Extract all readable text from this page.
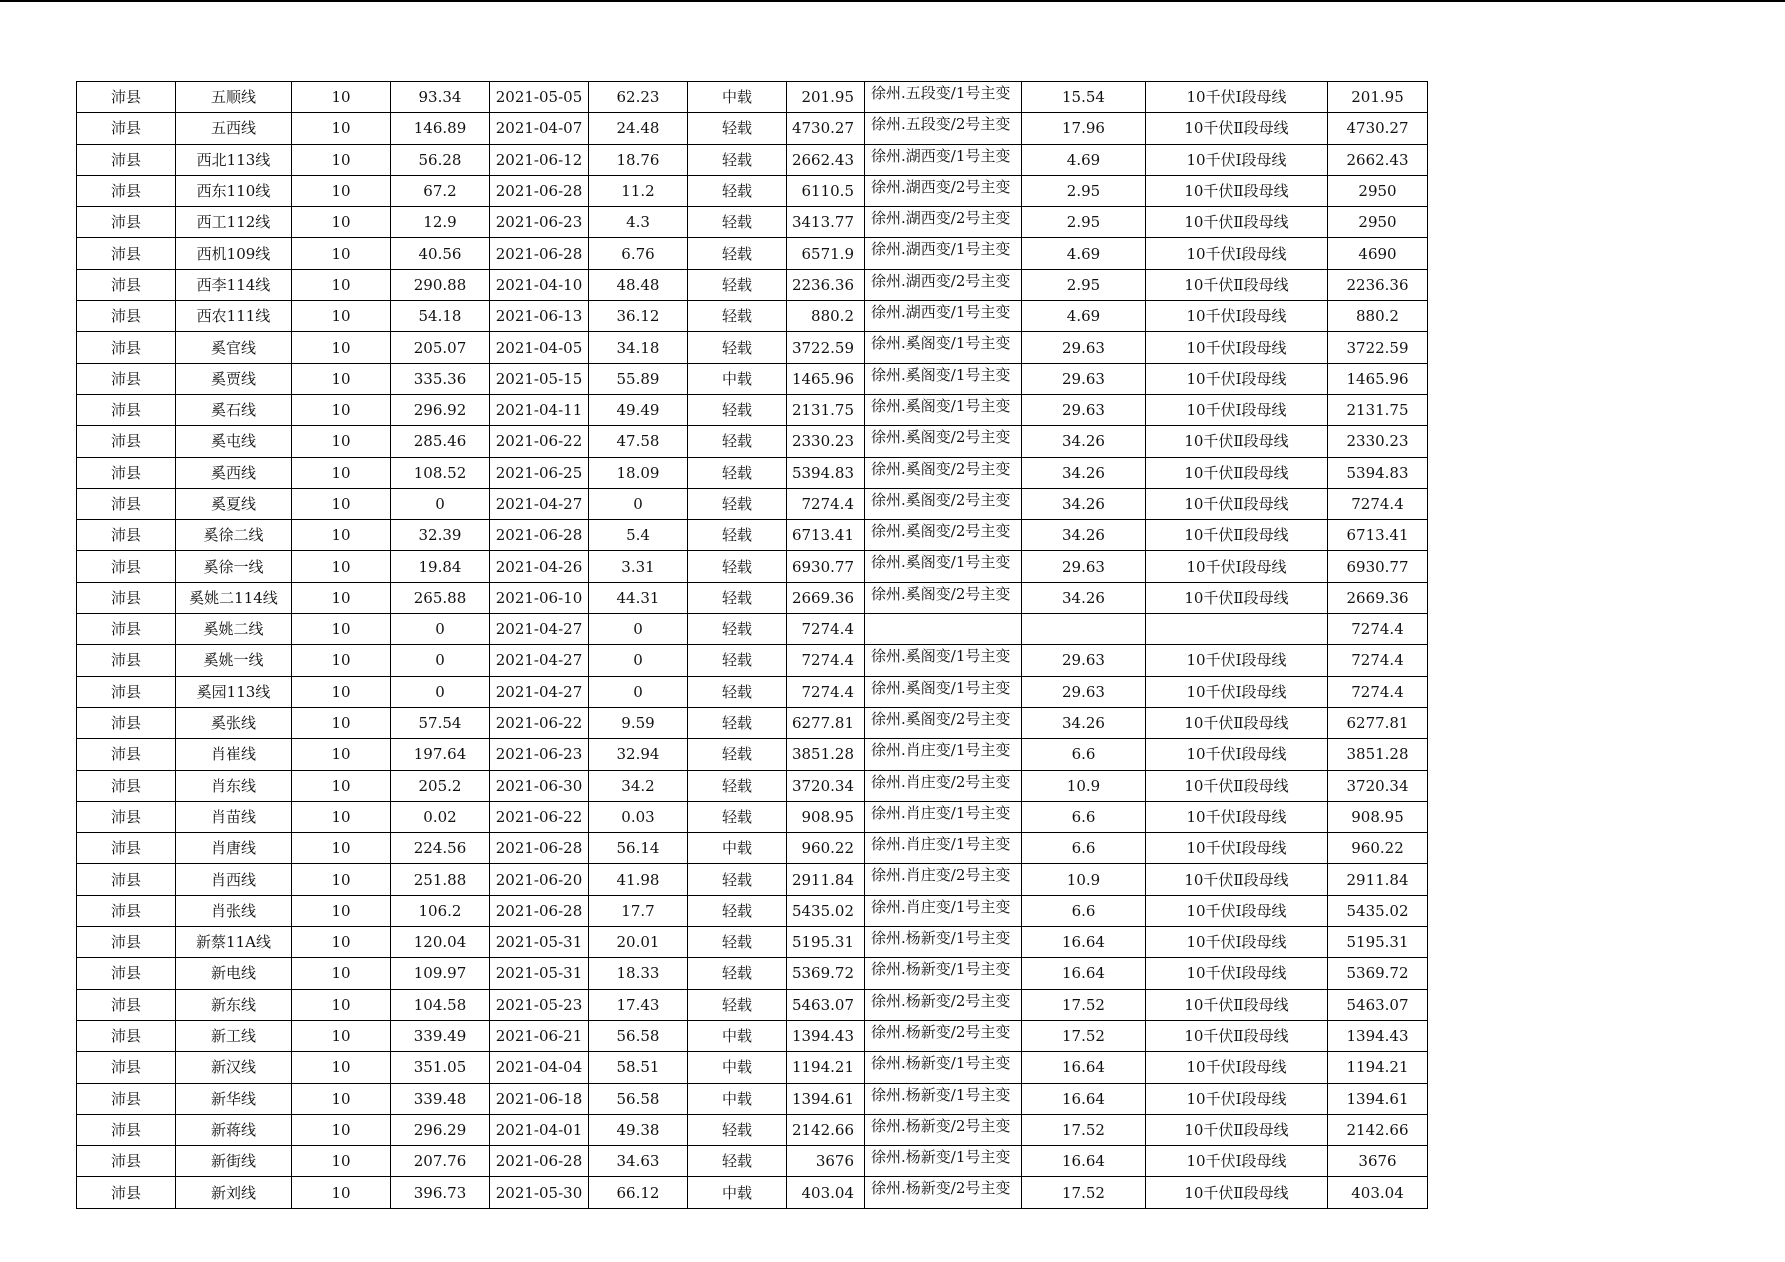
沛县	五顺线	10	93.34	2021-05-05	62.23	中载	201.95	徐州.五段变/1号主变	15.54	10千伏Ⅰ段母线	201.95
沛县	五西线	10	146.89	2021-04-07	24.48	轻载	4730.27	徐州.五段变/2号主变	17.96	10千伏Ⅱ段母线	4730.27
沛县	西北113线	10	56.28	2021-06-12	18.76	轻载	2662.43	徐州.湖西变/1号主变	4.69	10千伏Ⅰ段母线	2662.43
沛县	西东110线	10	67.2	2021-06-28	11.2	轻载	6110.5	徐州.湖西变/2号主变	2.95	10千伏Ⅱ段母线	2950
沛县	西工112线	10	12.9	2021-06-23	4.3	轻载	3413.77	徐州.湖西变/2号主变	2.95	10千伏Ⅱ段母线	2950
沛县	西机109线	10	40.56	2021-06-28	6.76	轻载	6571.9	徐州.湖西变/1号主变	4.69	10千伏Ⅰ段母线	4690
沛县	西李114线	10	290.88	2021-04-10	48.48	轻载	2236.36	徐州.湖西变/2号主变	2.95	10千伏Ⅱ段母线	2236.36
沛县	西农111线	10	54.18	2021-06-13	36.12	轻载	880.2	徐州.湖西变/1号主变	4.69	10千伏Ⅰ段母线	880.2
沛县	奚官线	10	205.07	2021-04-05	34.18	轻载	3722.59	徐州.奚阁变/1号主变	29.63	10千伏Ⅰ段母线	3722.59
沛县	奚贾线	10	335.36	2021-05-15	55.89	中载	1465.96	徐州.奚阁变/1号主变	29.63	10千伏Ⅰ段母线	1465.96
沛县	奚石线	10	296.92	2021-04-11	49.49	轻载	2131.75	徐州.奚阁变/1号主变	29.63	10千伏Ⅰ段母线	2131.75
沛县	奚屯线	10	285.46	2021-06-22	47.58	轻载	2330.23	徐州.奚阁变/2号主变	34.26	10千伏Ⅱ段母线	2330.23
沛县	奚西线	10	108.52	2021-06-25	18.09	轻载	5394.83	徐州.奚阁变/2号主变	34.26	10千伏Ⅱ段母线	5394.83
沛县	奚夏线	10	0	2021-04-27	0	轻载	7274.4	徐州.奚阁变/2号主变	34.26	10千伏Ⅱ段母线	7274.4
沛县	奚徐二线	10	32.39	2021-06-28	5.4	轻载	6713.41	徐州.奚阁变/2号主变	34.26	10千伏Ⅱ段母线	6713.41
沛县	奚徐一线	10	19.84	2021-04-26	3.31	轻载	6930.77	徐州.奚阁变/1号主变	29.63	10千伏Ⅰ段母线	6930.77
沛县	奚姚二114线	10	265.88	2021-06-10	44.31	轻载	2669.36	徐州.奚阁变/2号主变	34.26	10千伏Ⅱ段母线	2669.36
沛县	奚姚二线	10	0	2021-04-27	0	轻载	7274.4				7274.4
沛县	奚姚一线	10	0	2021-04-27	0	轻载	7274.4	徐州.奚阁变/1号主变	29.63	10千伏Ⅰ段母线	7274.4
沛县	奚园113线	10	0	2021-04-27	0	轻载	7274.4	徐州.奚阁变/1号主变	29.63	10千伏Ⅰ段母线	7274.4
沛县	奚张线	10	57.54	2021-06-22	9.59	轻载	6277.81	徐州.奚阁变/2号主变	34.26	10千伏Ⅱ段母线	6277.81
沛县	肖崔线	10	197.64	2021-06-23	32.94	轻载	3851.28	徐州.肖庄变/1号主变	6.6	10千伏Ⅰ段母线	3851.28
沛县	肖东线	10	205.2	2021-06-30	34.2	轻载	3720.34	徐州.肖庄变/2号主变	10.9	10千伏Ⅱ段母线	3720.34
沛县	肖苗线	10	0.02	2021-06-22	0.03	轻载	908.95	徐州.肖庄变/1号主变	6.6	10千伏Ⅰ段母线	908.95
沛县	肖唐线	10	224.56	2021-06-28	56.14	中载	960.22	徐州.肖庄变/1号主变	6.6	10千伏Ⅰ段母线	960.22
沛县	肖西线	10	251.88	2021-06-20	41.98	轻载	2911.84	徐州.肖庄变/2号主变	10.9	10千伏Ⅱ段母线	2911.84
沛县	肖张线	10	106.2	2021-06-28	17.7	轻载	5435.02	徐州.肖庄变/1号主变	6.6	10千伏Ⅰ段母线	5435.02
沛县	新蔡11A线	10	120.04	2021-05-31	20.01	轻载	5195.31	徐州.杨新变/1号主变	16.64	10千伏Ⅰ段母线	5195.31
沛县	新电线	10	109.97	2021-05-31	18.33	轻载	5369.72	徐州.杨新变/1号主变	16.64	10千伏Ⅰ段母线	5369.72
沛县	新东线	10	104.58	2021-05-23	17.43	轻载	5463.07	徐州.杨新变/2号主变	17.52	10千伏Ⅱ段母线	5463.07
沛县	新工线	10	339.49	2021-06-21	56.58	中载	1394.43	徐州.杨新变/2号主变	17.52	10千伏Ⅱ段母线	1394.43
沛县	新汉线	10	351.05	2021-04-04	58.51	中载	1194.21	徐州.杨新变/1号主变	16.64	10千伏Ⅰ段母线	1194.21
沛县	新华线	10	339.48	2021-06-18	56.58	中载	1394.61	徐州.杨新变/1号主变	16.64	10千伏Ⅰ段母线	1394.61
沛县	新蒋线	10	296.29	2021-04-01	49.38	轻载	2142.66	徐州.杨新变/2号主变	17.52	10千伏Ⅱ段母线	2142.66
沛县	新街线	10	207.76	2021-06-28	34.63	轻载	3676	徐州.杨新变/1号主变	16.64	10千伏Ⅰ段母线	3676
沛县	新刘线	10	396.73	2021-05-30	66.12	中载	403.04	徐州.杨新变/2号主变	17.52	10千伏Ⅱ段母线	403.04
